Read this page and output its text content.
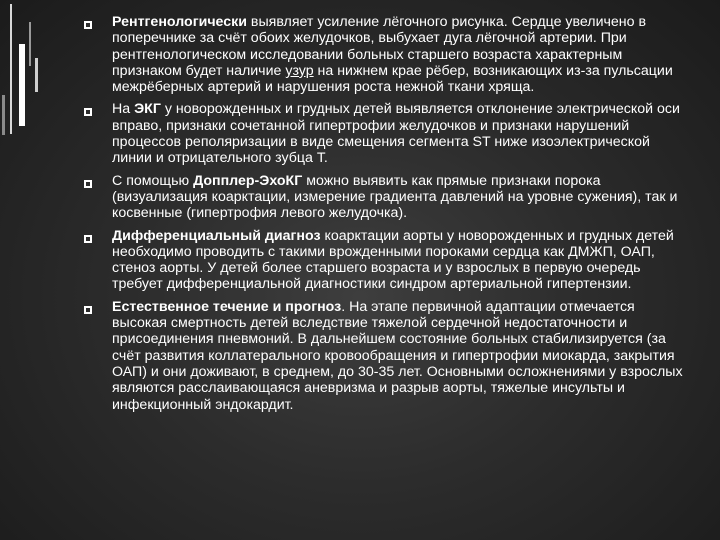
Рентгенологически выявляет усиление лёгочного рисунка. Сердце увеличено в поперечнике за счёт обоих желудочков, выбухает дуга лёгочной артерии. При рентгенологическом исследовании больных старшего возраста характерным признаком будет наличие узур на нижнем крае рёбер, возникающих из-за пульсации межрёберных артерий и нарушения роста нежной ткани хряща.
На ЭКГ у новорожденных и грудных детей выявляется отклонение электрической оси вправо, признаки сочетанной гипертрофии желудочков и признаки нарушений процессов реполяризации в виде смещения сегмента ST ниже изоэлектрической линии и отрицательного зубца T.
С помощью Допплер-ЭхоКГ можно выявить как прямые признаки порока (визуализация коарктации, измерение градиента давлений на уровне сужения), так и косвенные (гипертрофия левого желудочка).
Дифференциальный диагноз коарктации аорты у новорожденных и грудных детей необходимо проводить с такими врожденными пороками сердца как ДМЖП, ОАП, стеноз аорты. У детей более старшего возраста и у взрослых в первую очередь требует дифференциальной диагностики синдром артериальной гипертензии.
Естественное течение и прогноз. На этапе первичной адаптации отмечается высокая смертность детей вследствие тяжелой сердечной недостаточности и присоединения пневмоний. В дальнейшем состояние больных стабилизируется (за счёт развития коллатерального кровообращения и гипертрофии миокарда, закрытия ОАП) и они доживают, в среднем, до 30-35 лет. Основными осложнениями у взрослых являются расслаивающаяся аневризма и разрыв аорты, тяжелые инсульты и инфекционный эндокардит.
